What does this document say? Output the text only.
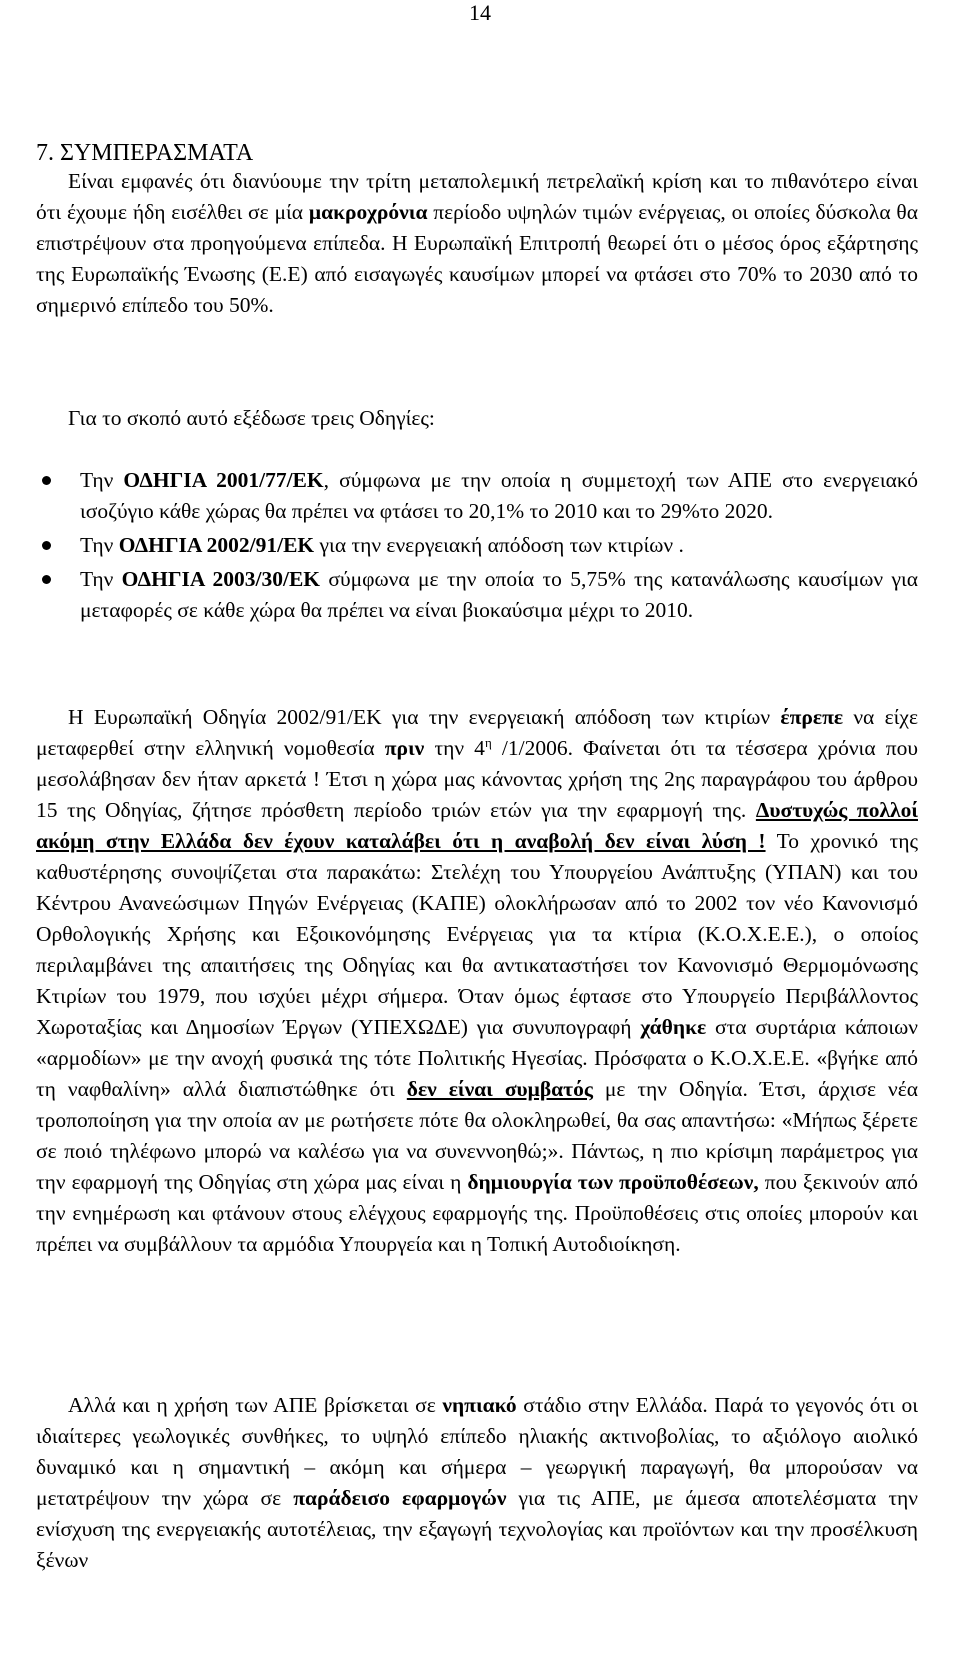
14
7. ΣΥΜΠΕΡΑΣΜΑΤΑ

Είναι εμφανές ότι διανύουμε την τρίτη μεταπολεμική πετρελαϊκή κρίση και το πιθανότερο είναι ότι έχουμε ήδη εισέλθει σε μία μακροχρόνια περίοδο υψηλών τιμών ενέργειας, οι οποίες δύσκολα θα επιστρέψουν στα προηγούμενα επίπεδα. Η Ευρωπαϊκή Επιτροπή θεωρεί ότι ο μέσος όρος εξάρτησης της Ευρωπαϊκής Ένωσης (Ε.Ε) από εισαγωγές καυσίμων μπορεί να φτάσει στο 70% το 2030 από το σημερινό επίπεδο του 50%.

Για το σκοπό αυτό εξέδωσε τρεις Οδηγίες:

Την ΟΔΗΓΙΑ 2001/77/ΕΚ, σύμφωνα με την οποία η συμμετοχή των ΑΠΕ στο ενεργειακό ισοζύγιο κάθε χώρας θα πρέπει να φτάσει το 20,1% το 2010 και το 29%το 2020.
Την ΟΔΗΓΙΑ 2002/91/ΕΚ για την ενεργειακή απόδοση των κτιρίων .
Την ΟΔΗΓΙΑ 2003/30/ΕΚ σύμφωνα με την οποία το 5,75% της κατανάλωσης καυσίμων για μεταφορές σε κάθε χώρα θα πρέπει να είναι βιοκαύσιμα μέχρι το 2010.

Η Ευρωπαϊκή Οδηγία 2002/91/ΕΚ για την ενεργειακή απόδοση των κτιρίων έπρεπε να είχε μεταφερθεί στην ελληνική νομοθεσία πριν την $4^\eta$ /1/2006. Φαίνεται ότι τα τέσσερα χρόνια που μεσολάβησαν δεν ήταν αρκετά ! Έτσι η χώρα μας κάνοντας χρήση της 2ης παραγράφου του άρθρου 15 της Οδηγίας, ζήτησε πρόσθετη περίοδο τριών ετών για την εφαρμογή της. Δυστυχώς πολλοί ακόμη στην Ελλάδα δεν έχουν καταλάβει ότι η αναβολή δεν είναι λύση ! Το χρονικό της καθυστέρησης συνοψίζεται στα παρακάτω: Στελέχη του Υπουργείου Ανάπτυξης (ΥΠΑΝ) και του Κέντρου Ανανεώσιμων Πηγών Ενέργειας (ΚΑΠΕ) ολοκλήρωσαν από το 2002 τον νέο Κανονισμό Ορθολογικής Χρήσης και Εξοικονόμησης Ενέργειας για τα κτίρια (Κ.Ο.Χ.Ε.Ε.), ο οποίος περιλαμβάνει της απαιτήσεις της Οδηγίας και θα αντικαταστήσει τον Κανονισμό Θερμομόνωσης Κτιρίων του 1979, που ισχύει μέχρι σήμερα. Όταν όμως έφτασε στο Υπουργείο Περιβάλλοντος Χωροταξίας και Δημοσίων Έργων (ΥΠΕΧΩΔΕ) για συνυπογραφή χάθηκε στα συρτάρια κάποιων «αρμοδίων» με την ανοχή φυσικά της τότε Πολιτικής Ηγεσίας. Πρόσφατα ο Κ.Ο.Χ.Ε.Ε. «βγήκε από τη ναφθαλίνη» αλλά διαπιστώθηκε ότι δεν είναι συμβατός με την Οδηγία. Έτσι, άρχισε νέα τροποποίηση για την οποία αν με ρωτήσετε πότε θα ολοκληρωθεί, θα σας απαντήσω: «Μήπως ξέρετε σε ποιό τηλέφωνο μπορώ να καλέσω για να συνεννοηθώ;». Πάντως, η πιο κρίσιμη παράμετρος για την εφαρμογή της Οδηγίας στη χώρα μας είναι η δημιουργία των προϋποθέσεων, που ξεκινούν από την ενημέρωση και φτάνουν στους ελέγχους εφαρμογής της. Προϋποθέσεις στις οποίες μπορούν και πρέπει να συμβάλλουν τα αρμόδια Υπουργεία και η Τοπική Αυτοδιοίκηση.

Αλλά και η χρήση των ΑΠΕ βρίσκεται σε νηπιακό στάδιο στην Ελλάδα. Παρά το γεγονός ότι οι ιδιαίτερες γεωλογικές συνθήκες, το υψηλό επίπεδο ηλιακής ακτινοβολίας, το αξιόλογο αιολικό δυναμικό και η σημαντική – ακόμη και σήμερα – γεωργική παραγωγή, θα μπορούσαν να μετατρέψουν την χώρα σε παράδεισο εφαρμογών για τις ΑΠΕ, με άμεσα αποτελέσματα την ενίσχυση της ενεργειακής αυτοτέλειας, την εξαγωγή τεχνολογίας και προϊόντων και την προσέλκυση ξένων
